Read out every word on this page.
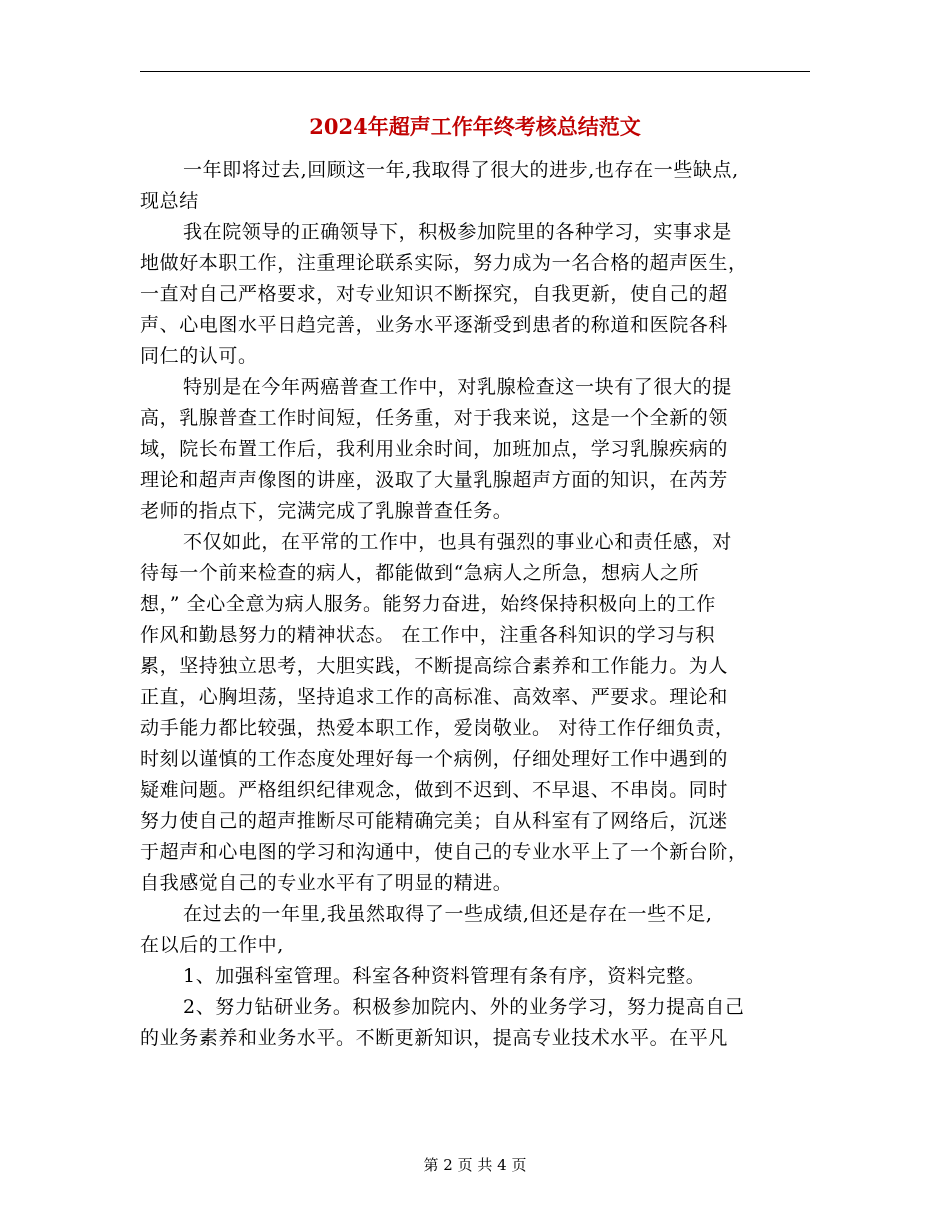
2024年超声工作年终考核总结范文

一年即将过去,回顾这一年,我取得了很大的进步,也存在一些缺点,
现总结

我在院领导的正确领导下，积极参加院里的各种学习，实事求是
地做好本职工作，注重理论联系实际，努力成为一名合格的超声医生，
一直对自己严格要求，对专业知识不断探究，自我更新，使自己的超
声、心电图水平日趋完善，业务水平逐渐受到患者的称道和医院各科
同仁的认可。

特别是在今年两癌普查工作中，对乳腺检查这一块有了很大的提
高，乳腺普查工作时间短，任务重，对于我来说，这是一个全新的领
域，院长布置工作后，我利用业余时间，加班加点，学习乳腺疾病的
理论和超声声像图的讲座，汲取了大量乳腺超声方面的知识，在芮芳
老师的指点下，完满完成了乳腺普查任务。

不仅如此，在平常的工作中，也具有强烈的事业心和责任感，对
待每一个前来检查的病人，都能做到“急病人之所急，想病人之所
想，” 全心全意为病人服务。能努力奋进，始终保持积极向上的工作
作风和勤恳努力的精神状态。 在工作中，注重各科知识的学习与积
累，坚持独立思考，大胆实践，不断提高综合素养和工作能力。为人
正直，心胸坦荡，坚持追求工作的高标准、高效率、严要求。理论和
动手能力都比较强，热爱本职工作，爱岗敬业。 对待工作仔细负责，
时刻以谨慎的工作态度处理好每一个病例，仔细处理好工作中遇到的
疑难问题。严格组织纪律观念，做到不迟到、不早退、不串岗。同时
努力使自己的超声推断尽可能精确完美；自从科室有了网络后，沉迷
于超声和心电图的学习和沟通中，使自己的专业水平上了一个新台阶，
自我感觉自己的专业水平有了明显的精进。

在过去的一年里,我虽然取得了一些成绩,但还是存在一些不足,
在以后的工作中,

1、加强科室管理。科室各种资料管理有条有序，资料完整。

2、努力钻研业务。积极参加院内、外的业务学习，努力提高自己
的业务素养和业务水平。不断更新知识，提高专业技术水平。在平凡

第 2 页 共 4 页
